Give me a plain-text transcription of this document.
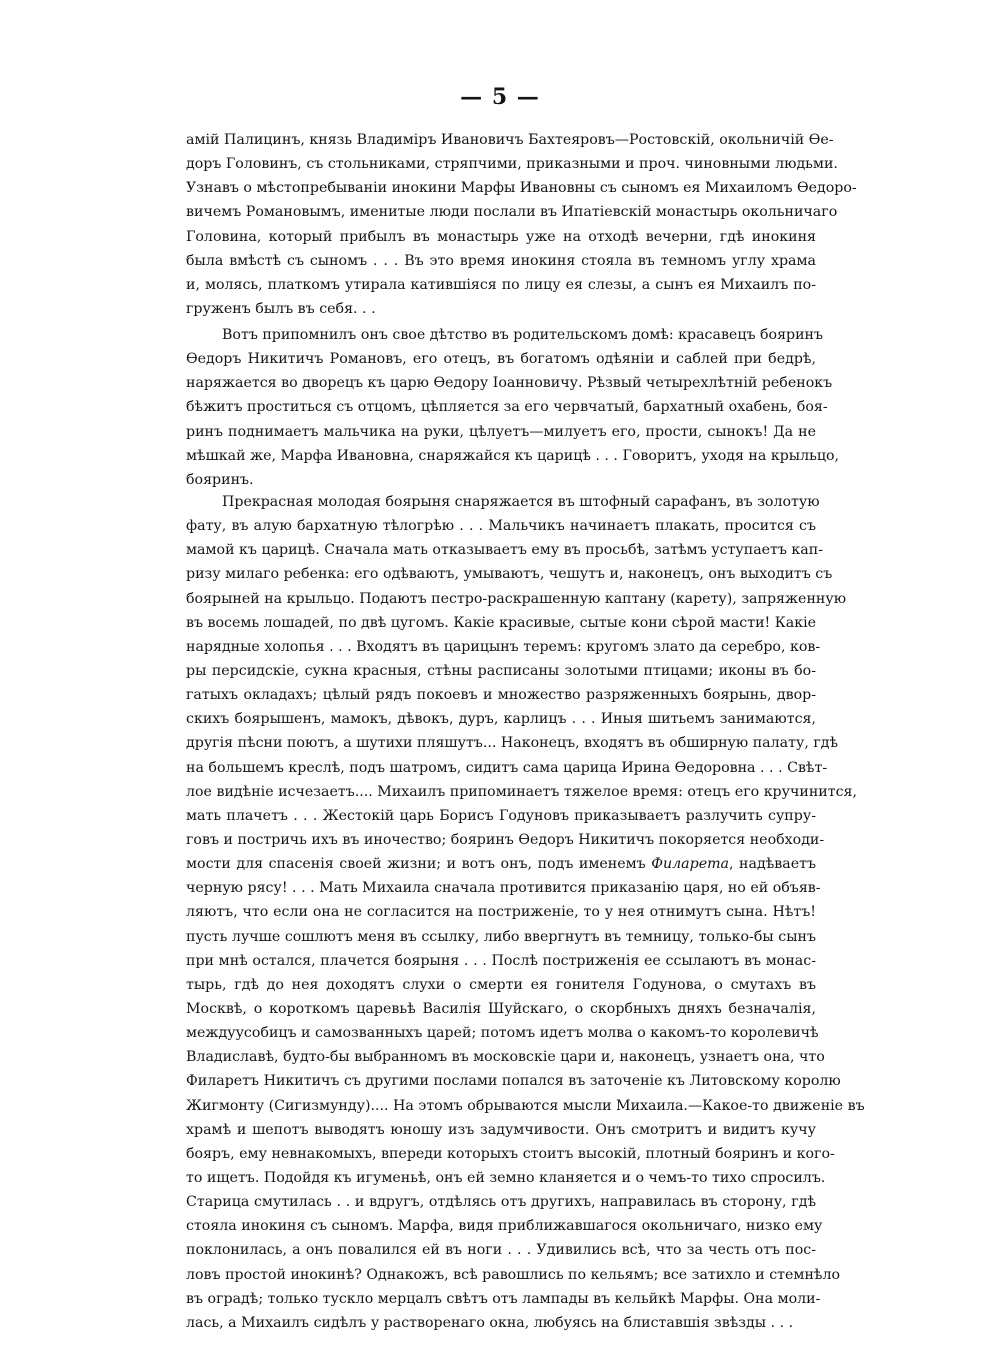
— 5 —
амій Палицинъ, князь Владиміръ Ивановичъ Бахтеяровъ—Ростовскій, окольничій Ѳе-
доръ Головинъ, съ стольниками, стряпчими, приказными и проч. чиновными людьми.
Узнавъ о мѣстопребываніи инокини Марфы Ивановны съ сыномъ ея Михаиломъ Ѳедоро-
вичемъ Романовымъ, именитые люди послали въ Ипатіевскій монастырь окольничаго
Головина, который прибылъ въ монастырь уже на отходѣ вечерни, гдѣ инокиня
была вмѣстѣ съ сыномъ . . . Въ это время инокиня стояла въ темномъ углу храма
и, молясь, платкомъ утирала катившіяся по лицу ея слезы, а сынъ ея Михаилъ по-
груженъ былъ въ себя. . .
Вотъ припомнилъ онъ свое дѣтство въ родительскомъ домѣ: красавецъ бояринъ
Ѳедоръ Никитичъ Романовъ, его отецъ, въ богатомъ одѣяніи и саблей при бедрѣ,
наряжается во дворецъ къ царю Ѳедору Іоанновичу. Рѣзвый четырехлѣтній ребенокъ
бѣжитъ проститься съ отцомъ, цѣпляется за его червчатый, бархатный охабень, боя-
ринъ поднимаетъ мальчика на руки, цѣлуетъ—милуетъ его, прости, сынокъ! Да не
мѣшкай же, Марфа Ивановна, снаряжайся къ царицѣ . . . Говоритъ, уходя на крыльцо,
бояринъ.
Прекрасная молодая боярыня снаряжается въ штофный сарафанъ, въ золотую
фату, въ алую бархатную тѣлогрѣю . . . Мальчикъ начинаетъ плакать, просится съ
мамой къ царицѣ. Сначала мать отказываетъ ему въ просьбѣ, затѣмъ уступаетъ кап-
ризу милаго ребенка: его одѣваютъ, умываютъ, чешутъ и, наконецъ, онъ выходитъ съ
боярыней на крыльцо. Подаютъ пестро-раскрашенную каптану (карету), запряженную
въ восемь лошадей, по двѣ цугомъ. Какіе красивые, сытые кони сѣрой масти! Какіе
нарядные холопья . . . Входятъ въ царицынъ теремъ: кругомъ злато да серебро, ков-
ры персидскіе, сукна красныя, стѣны расписаны золотыми птицами; иконы въ бо-
гатыхъ окладахъ; цѣлый рядъ покоевъ и множество разряженныхъ боярынь, двор-
скихъ боярышенъ, мамокъ, дѣвокъ, дуръ, карлицъ . . . Иныя шитьемъ занимаются,
другія пѣсни поютъ, а шутихи пляшутъ... Наконецъ, входятъ въ обширную палату, гдѣ
на большемъ креслѣ, подъ шатромъ, сидитъ сама царица Ирина Ѳедоровна . . . Свѣт-
лое видѣніе исчезаетъ.... Михаилъ припоминаетъ тяжелое время: отецъ его кручинится,
мать плачетъ . . . Жестокій царь Борисъ Годуновъ приказываетъ разлучить супру-
говъ и постричь ихъ въ иночество; бояринъ Ѳедоръ Никитичъ покоряется необходи-
мости для спасенія своей жизни; и вотъ онъ, подъ именемъ Филарета, надѣваетъ
черную рясу! . . . Мать Михаила сначала противится приказанію царя, но ей объяв-
ляютъ, что если она не согласится на постриженіе, то у нея отнимутъ сына. Нѣтъ!
пусть лучше сошлютъ меня въ ссылку, либо ввергнутъ въ темницу, только-бы сынъ
при мнѣ остался, плачется боярыня . . . Послѣ постриженія ее ссылаютъ въ монас-
тырь, гдѣ до нея доходятъ слухи о смерти ея гонителя Годунова, о смутахъ въ
Москвѣ, о короткомъ царевьѣ Василія Шуйскаго, о скорбныхъ дняхъ безначалія,
междуусобицъ и самозванныхъ царей; потомъ идетъ молва о какомъ-то королевичѣ
Владиславѣ, будто-бы выбранномъ въ московскіе цари и, наконецъ, узнаетъ она, что
Филаретъ Никитичъ съ другими послами попался въ заточеніе къ Литовскому королю
Жигмонту (Сигизмунду).... На этомъ обрываются мысли Михаила.—Какое-то движеніе въ
храмѣ и шепотъ выводятъ юношу изъ задумчивости. Онъ смотритъ и видитъ кучу
бояръ, ему невнакомыхъ, впереди которыхъ стоитъ высокій, плотный бояринъ и кого-
то ищетъ. Подойдя къ игуменьѣ, онъ ей земно кланяется и о чемъ-то тихо спросилъ.
Старица смутилась . . и вдругъ, отдѣлясь отъ другихъ, направилась въ сторону, гдѣ
стояла инокиня съ сыномъ. Марфа, видя приближавшагося окольничаго, низко ему
поклонилась, а онъ повалился ей въ ноги . . . Удивились всѣ, что за честь отъ пос-
ловъ простой инокинѣ? Однакожъ, всѣ равошлись по кельямъ; все затихло и стемнѣло
въ оградѣ; только тускло мерцалъ свѣтъ отъ лампады въ кельйкѣ Марфы. Она моли-
лась, а Михаилъ сидѣлъ у растворенаго окна, любуясь на блиставшія звѣзды . . .
